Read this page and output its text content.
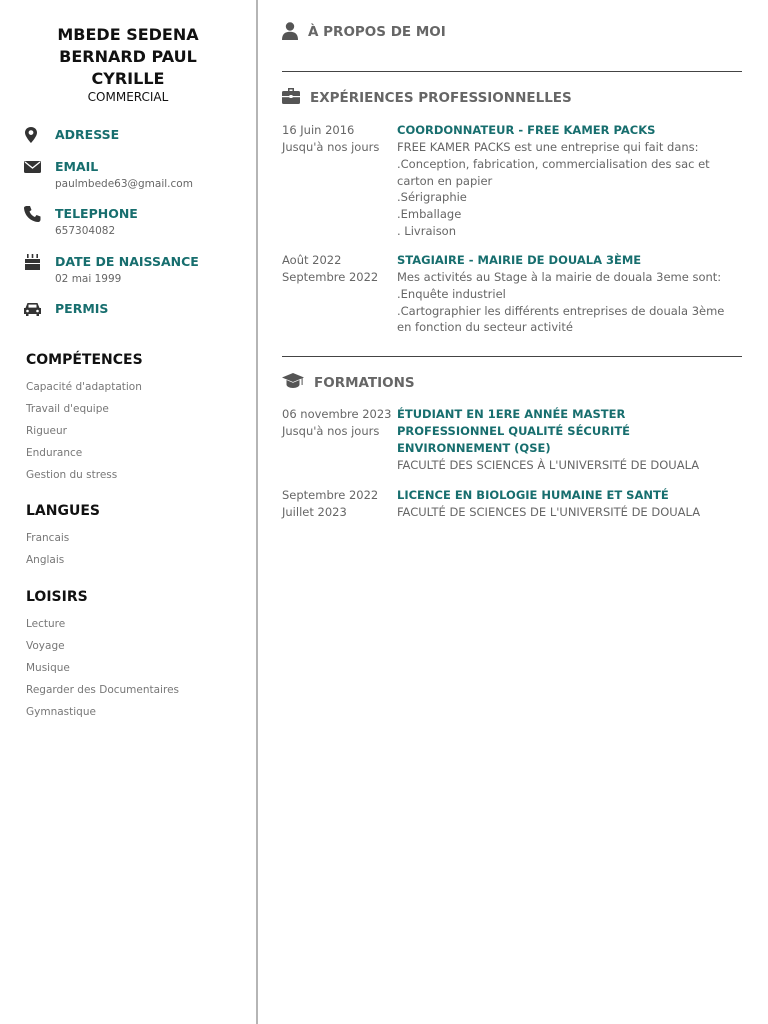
MBEDE SEDENA
BERNARD PAUL
CYRILLE
COMMERCIAL
ADRESSE
EMAIL
paulmbede63@gmail.com
TELEPHONE
657304082
DATE DE NAISSANCE
02 mai 1999
PERMIS
COMPÉTENCES
Capacité d'adaptation
Travail d'equipe
Rigueur
Endurance
Gestion du stress
LANGUES
Francais
Anglais
LOISIRS
Lecture
Voyage
Musique
Regarder des Documentaires
Gymnastique
À PROPOS DE MOI
EXPÉRIENCES PROFESSIONNELLES
16 Juin 2016
Jusqu'à nos jours
COORDONNATEUR - FREE KAMER PACKS
FREE KAMER PACKS est une entreprise qui fait dans:
.Conception, fabrication, commercialisation des sac et
carton en papier
.Sérigraphie
.Emballage
. Livraison
Août 2022
Septembre 2022
STAGIAIRE - MAIRIE DE DOUALA 3ÈME
Mes activités au Stage à la mairie de douala 3eme sont:
.Enquête industriel
.Cartographier les différents entreprises de douala 3ème
en fonction du secteur activité
FORMATIONS
06 novembre 2023
Jusqu'à nos jours
ÉTUDIANT EN 1ERE ANNÉE MASTER
PROFESSIONNEL QUALITÉ SÉCURITÉ
ENVIRONNEMENT (QSE)
FACULTÉ DES SCIENCES À L'UNIVERSITÉ DE DOUALA
Septembre 2022
Juillet 2023
LICENCE EN BIOLOGIE HUMAINE ET SANTÉ
FACULTÉ DE SCIENCES DE L'UNIVERSITÉ DE DOUALA
